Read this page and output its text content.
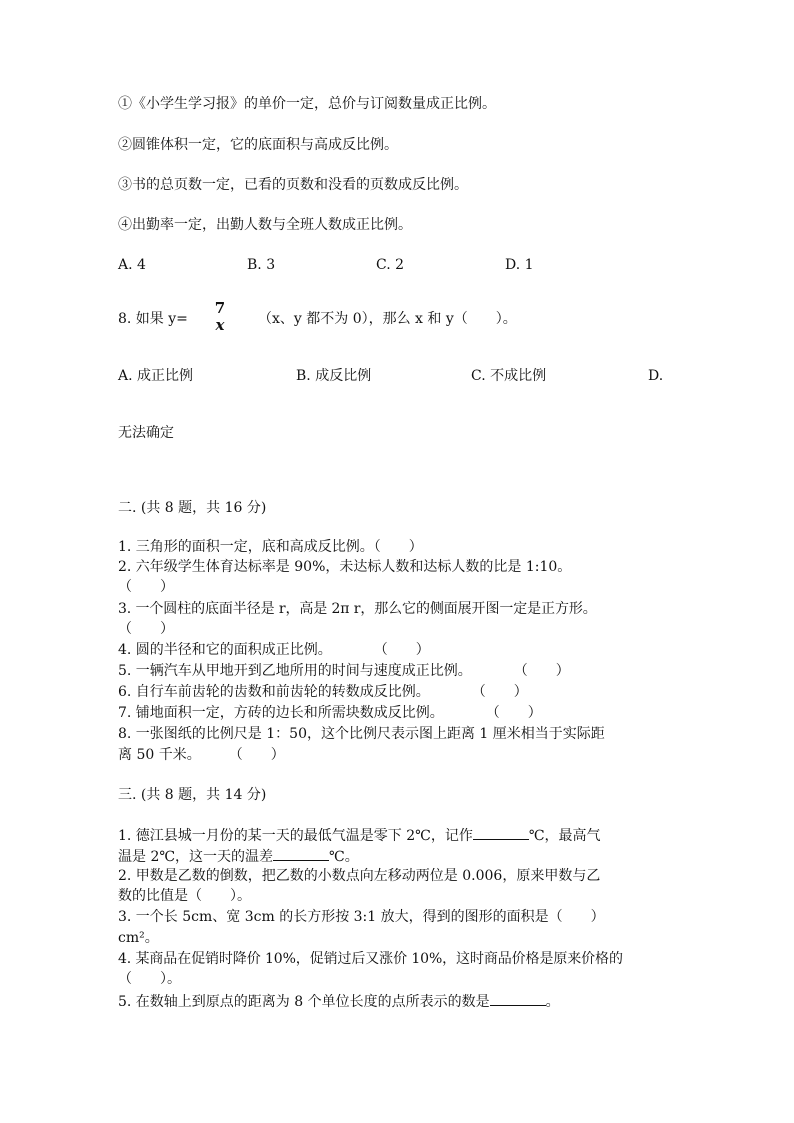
①《小学生学习报》的单价一定，总价与订阅数量成正比例。
②圆锥体积一定，它的底面积与高成反比例。
③书的总页数一定，已看的页数和没看的页数成反比例。
④出勤率一定，出勤人数与全班人数成正比例。
A. 4	B. 3	C. 2	D. 1
8. 如果 y=
7
x （x、y 都不为 0），那么 x 和 y（　　）。
A. 成正比例	B. 成反比例	C. 不成比例	D.
无法确定
二. (共 8 题，共 16 分)
1. 三角形的面积一定，底和高成反比例。（　　）
2. 六年级学生体育达标率是 90%，未达标人数和达标人数的比是 1:10。
（　　）
3. 一个圆柱的底面半径是 r，高是 2π r，那么它的侧面展开图一定是正方形。
（　　）
4. 圆的半径和它的面积成正比例。　　　　（　　）
5. 一辆汽车从甲地开到乙地所用的时间与速度成正比例。　　　　（　　）
6. 自行车前齿轮的齿数和前齿轮的转数成反比例。　　　　（　　）
7. 铺地面积一定，方砖的边长和所需块数成反比例。　　　　（　　）
8. 一张图纸的比例尺是 1：50，这个比例尺表示图上距离 1 厘米相当于实际距
离 50 千米。　　　（　　）
三. (共 8 题，共 14 分)
1. 德江县城一月份的某一天的最低气温是零下 2℃，记作	℃，最高气
温是 2℃，这一天的温差	℃。
2. 甲数是乙数的倒数，把乙数的小数点向左移动两位是 0.006，原来甲数与乙
数的比值是（　　）。
3. 一个长 5cm、宽 3cm 的长方形按 3:1 放大，得到的图形的面积是（　　）
cm²。
4. 某商品在促销时降价 10%，促销过后又涨价 10%，这时商品价格是原来价格的
（　　）。
5. 在数轴上到原点的距离为 8 个单位长度的点所表示的数是	。
